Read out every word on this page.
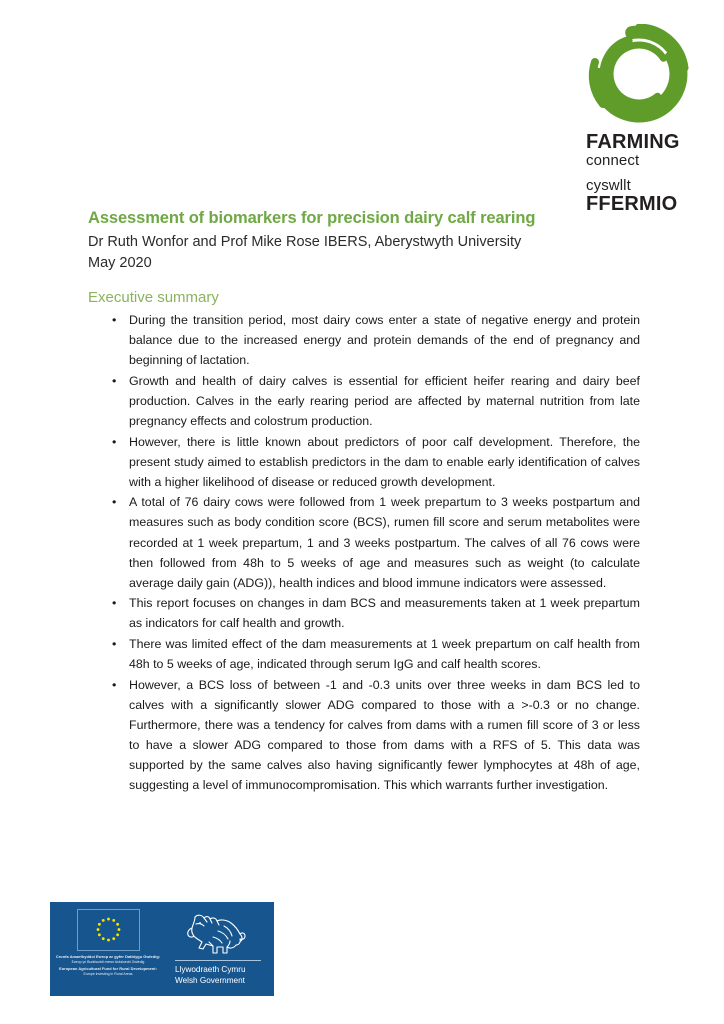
FARMING
connect
cyswllt
FFERMIO
Assessment of biomarkers for precision dairy calf rearing
Dr Ruth Wonfor and Prof Mike Rose IBERS, Aberystwyth University
May 2020
Executive summary
• During the transition period, most dairy cows enter a state of negative energy and protein balance due to the increased energy and protein demands of the end of pregnancy and beginning of lactation.
• Growth and health of dairy calves is essential for efficient heifer rearing and dairy beef production. Calves in the early rearing period are affected by maternal nutrition from late pregnancy effects and colostrum production.
• However, there is little known about predictors of poor calf development. Therefore, the present study aimed to establish predictors in the dam to enable early identification of calves with a higher likelihood of disease or reduced growth development.
• A total of 76 dairy cows were followed from 1 week prepartum to 3 weeks postpartum and measures such as body condition score (BCS), rumen fill score and serum metabolites were recorded at 1 week prepartum, 1 and 3 weeks postpartum. The calves of all 76 cows were then followed from 48h to 5 weeks of age and measures such as weight (to calculate average daily gain (ADG)), health indices and blood immune indicators were assessed.
• This report focuses on changes in dam BCS and measurements taken at 1 week prepartum as indicators for calf health and growth.
• There was limited effect of the dam measurements at 1 week prepartum on calf health from 48h to 5 weeks of age, indicated through serum IgG and calf health scores.
• However, a BCS loss of between -1 and -0.3 units over three weeks in dam BCS led to calves with a significantly slower ADG compared to those with a >-0.3 or no change. Furthermore, there was a tendency for calves from dams with a rumen fill score of 3 or less to have a slower ADG compared to those from dams with a RFS of 5. This data was supported by the same calves also having significantly fewer lymphocytes at 48h of age, suggesting a level of immunocompromisation. This which warrants further investigation.
Cronfa Amaethyddol Ewrop ar gyfer Datblygu Gwledig:
Ewrop yn Buddsoddi mewn Ardaloedd Gwledig
European Agricultural Fund for Rural Development:
Europe investing in Rural Areas	Llywodraeth Cymru
Welsh Government
